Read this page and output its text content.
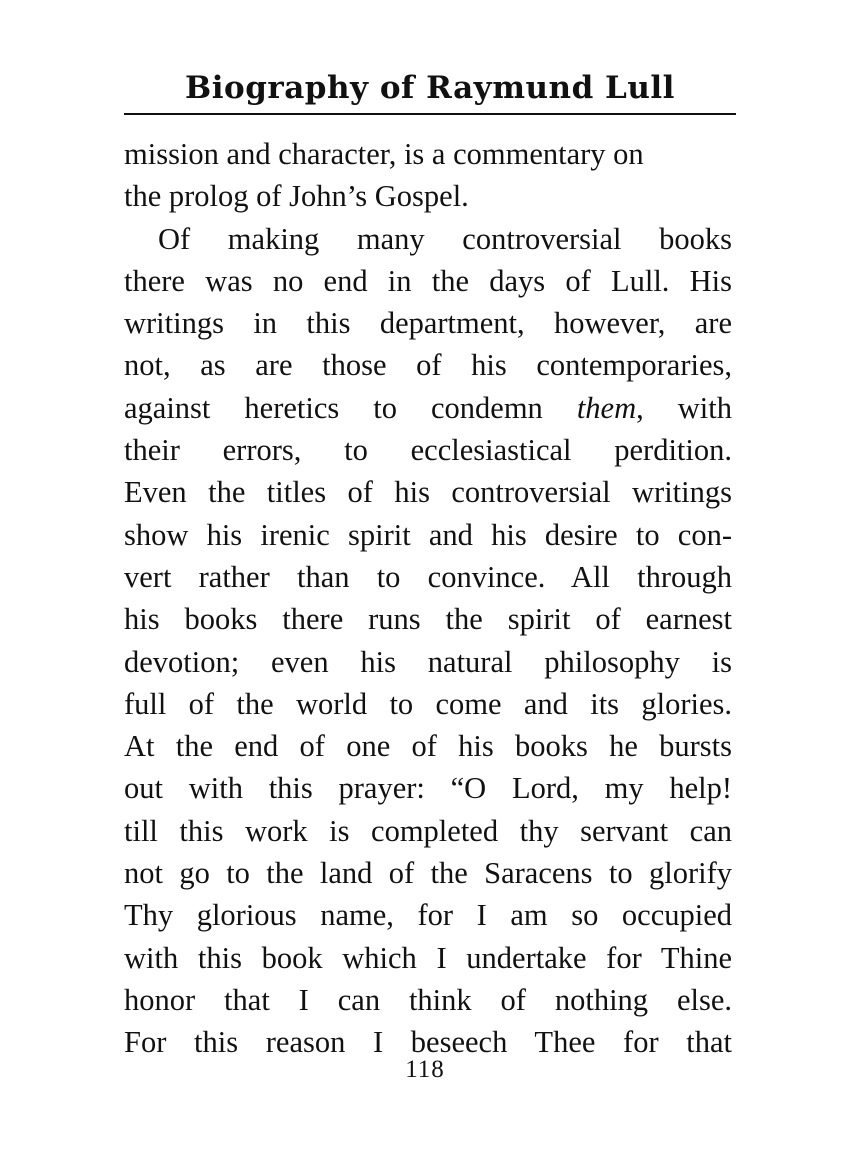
Biography of Raymund Lull
mission and character, is a commentary on
the prolog of John’s Gospel.
Of making many controversial books
there was no end in the days of Lull. His
writings in this department, however, are
not, as are those of his contemporaries,
against heretics to condemn them, with
their errors, to ecclesiastical perdition.
Even the titles of his controversial writings
show his irenic spirit and his desire to con-
vert rather than to convince. All through
his books there runs the spirit of earnest
devotion; even his natural philosophy is
full of the world to come and its glories.
At the end of one of his books he bursts
out with this prayer: “O Lord, my help!
till this work is completed thy servant can
not go to the land of the Saracens to glorify
Thy glorious name, for I am so occupied
with this book which I undertake for Thine
honor that I can think of nothing else.
For this reason I beseech Thee for that
118
